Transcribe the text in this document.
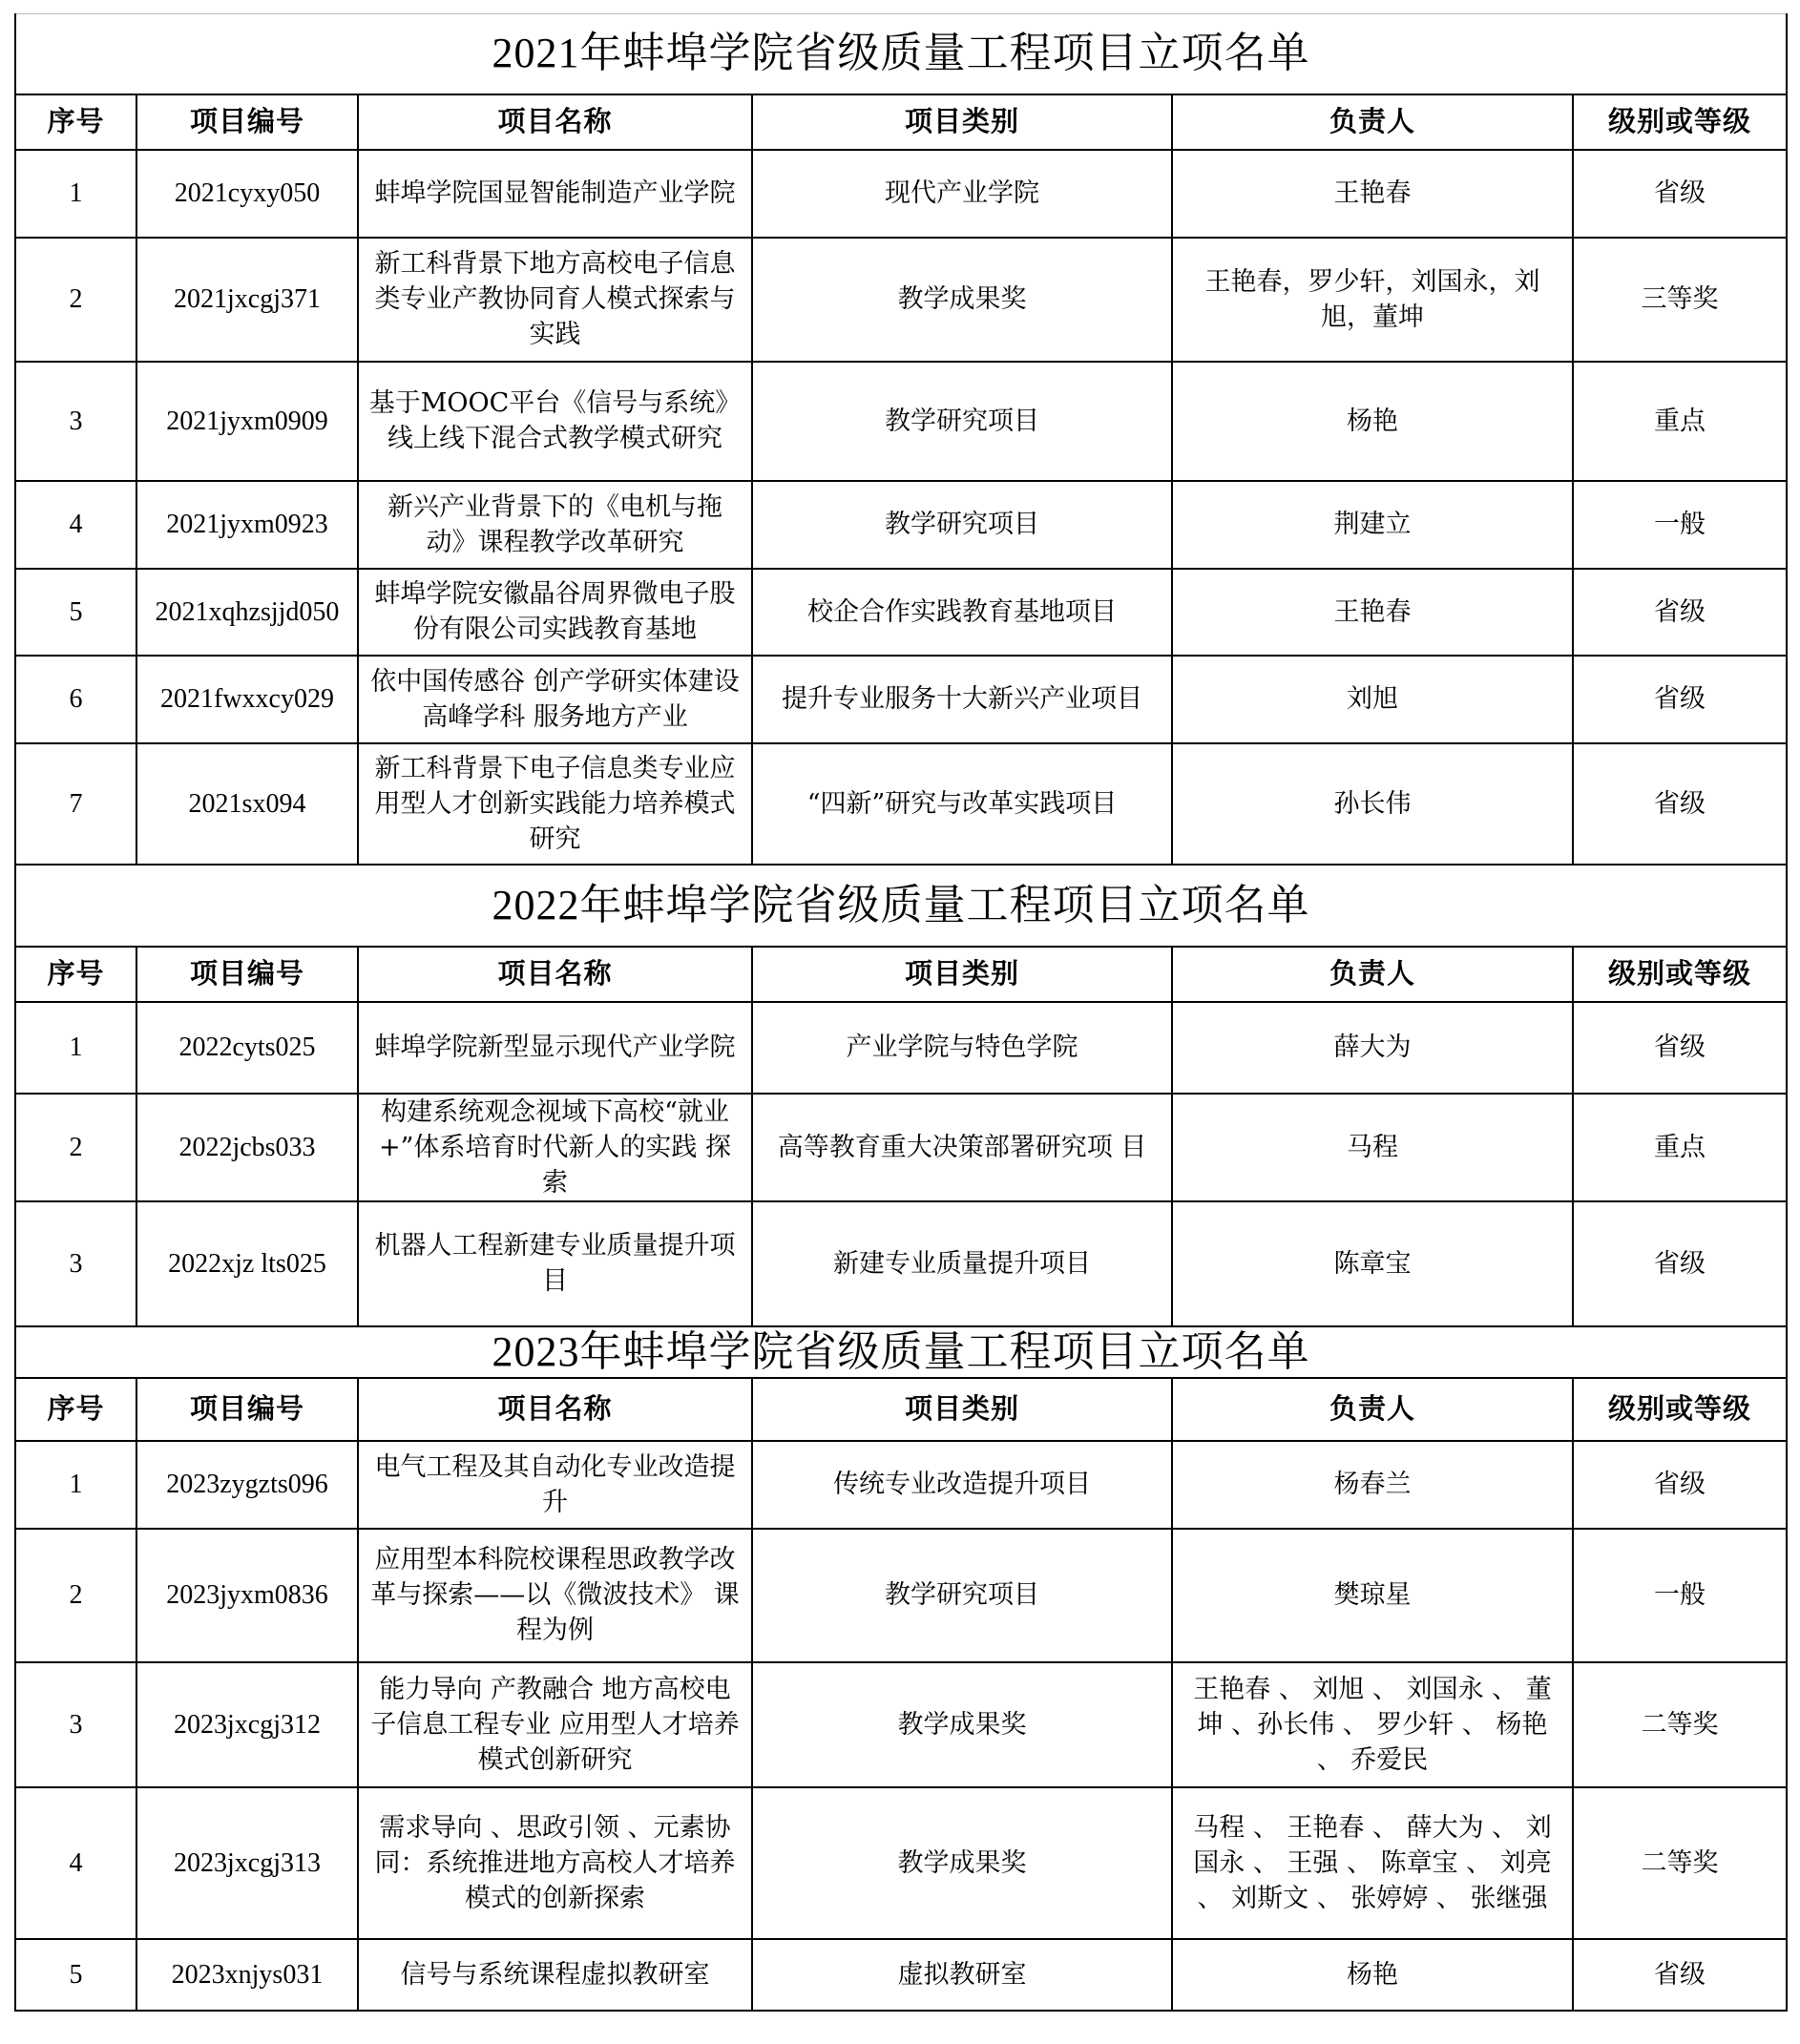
2021年蚌埠学院省级质量工程项目立项名单					
序号	项目编号	项目名称	项目类别	负责人	级别或等级
1	2021cyxy050	蚌埠学院国显智能制造产业学院	现代产业学院	王艳春	省级
2	2021jxcgj371	新工科背景下地方高校电子信息类专业产教协同育人模式探索与实践	教学成果奖	王艳春，罗少轩，刘国永，刘旭，董坤	三等奖
3	2021jyxm0909	基于MOOC平台《信号与系统》线上线下混合式教学模式研究	教学研究项目	杨艳	重点
4	2021jyxm0923	新兴产业背景下的《电机与拖动》课程教学改革研究	教学研究项目	荆建立	一般
5	2021xqhzsjjd050	蚌埠学院安徽晶谷周界微电子股份有限公司实践教育基地	校企合作实践教育基地项目	王艳春	省级
6	2021fwxxcy029	依中国传感谷 创产学研实体建设高峰学科 服务地方产业	提升专业服务十大新兴产业项目	刘旭	省级
7	2021sx094	新工科背景下电子信息类专业应用型人才创新实践能力培养模式研究	“四新”研究与改革实践项目	孙长伟	省级
2022年蚌埠学院省级质量工程项目立项名单					
序号	项目编号	项目名称	项目类别	负责人	级别或等级
1	2022cyts025	蚌埠学院新型显示现代产业学院	产业学院与特色学院	薛大为	省级
2	2022jcbs033	构建系统观念视域下高校“就业+”体系培育时代新人的实践 探索	高等教育重大决策部署研究项 目	马程	重点
3	2022xjz lts025	机器人工程新建专业质量提升项目	新建专业质量提升项目	陈章宝	省级
2023年蚌埠学院省级质量工程项目立项名单					
序号	项目编号	项目名称	项目类别	负责人	级别或等级
1	2023zygzts096	电气工程及其自动化专业改造提升	传统专业改造提升项目	杨春兰	省级
2	2023jyxm0836	应用型本科院校课程思政教学改革与探索——以《微波技术》 课程为例	教学研究项目	樊琼星	一般
3	2023jxcgj312	能力导向 产教融合 地方高校电子信息工程专业 应用型人才培养模式创新研究	教学成果奖	王艳春 、 刘旭 、 刘国永 、 董坤 、孙长伟 、 罗少轩 、 杨艳 、 乔爱民	二等奖
4	2023jxcgj313	需求导向 、思政引领 、元素协同：系统推进地方高校人才培养模式的创新探索	教学成果奖	马程 、 王艳春 、 薛大为 、 刘国永 、 王强 、 陈章宝 、 刘亮 、 刘斯文 、 张婷婷 、 张继强	二等奖
5	2023xnjys031	信号与系统课程虚拟教研室	虚拟教研室	杨艳	省级
